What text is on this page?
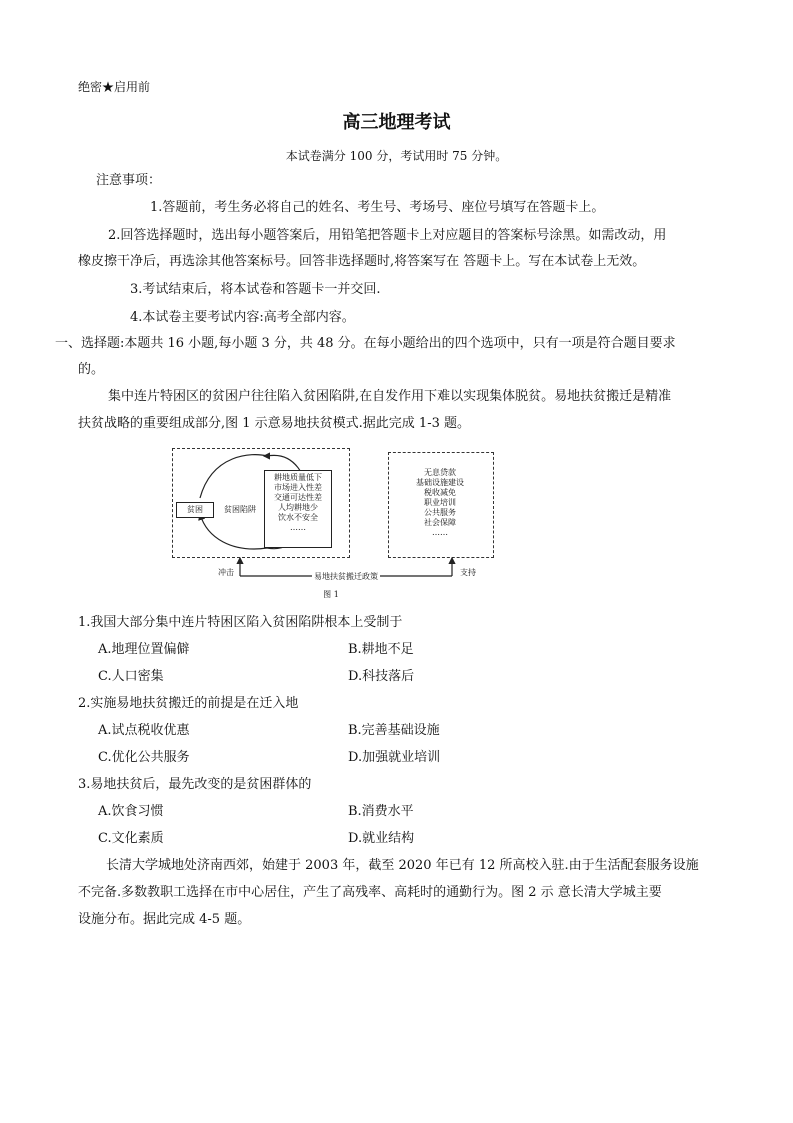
绝密★启用前
高三地理考试
本试卷满分 100 分，考试用时 75 分钟。
注意事项：
1.答题前，考生务必将自己的姓名、考生号、考场号、座位号填写在答题卡上。
2.回答选择题时，选出每小题答案后，用铅笔把答题卡上对应题目的答案标号涂黑。如需改动，用
橡皮擦干净后，再选涂其他答案标号。回答非选择题时,将答案写在 答题卡上。写在本试卷上无效。
3.考试结束后，将本试卷和答题卡一并交回.
4.本试卷主要考试内容:高考全部内容。
一、选择题:本题共 16 小题,每小题 3 分，共 48 分。在每小题给出的四个选项中，只有一项是符合题目要求
的。
集中连片特困区的贫困户往往陷入贫困陷阱,在自发作用下难以实现集体脱贫。易地扶贫搬迁是精准
扶贫战略的重要组成部分,图 1 示意易地扶贫模式.据此完成 1-3 题。
贫困	贫困陷阱
耕地质量低下
市场进入性差
交通可达性差
人均耕地少
饮水不安全
……
无息贷款
基础设施建设
税收减免
职业培训
公共服务
社会保障
……
冲击	易地扶贫搬迁政策	支持
图 1
1.我国大部分集中连片特困区陷入贫困陷阱根本上受制于
A.地理位置偏僻	B.耕地不足
C.人口密集	D.科技落后
2.实施易地扶贫搬迁的前提是在迁入地
A.试点税收优惠	B.完善基础设施
C.优化公共服务	D.加强就业培训
3.易地扶贫后，最先改变的是贫困群体的
A.饮食习惯	B.消费水平
C.文化素质	D.就业结构
长清大学城地处济南西郊，始建于 2003 年，截至 2020 年已有 12 所高校入驻.由于生活配套服务设施
不完备.多数教职工选择在市中心居住，产生了高残率、高耗时的通勤行为。图 2 示 意长清大学城主要
设施分布。据此完成 4-5 题。
